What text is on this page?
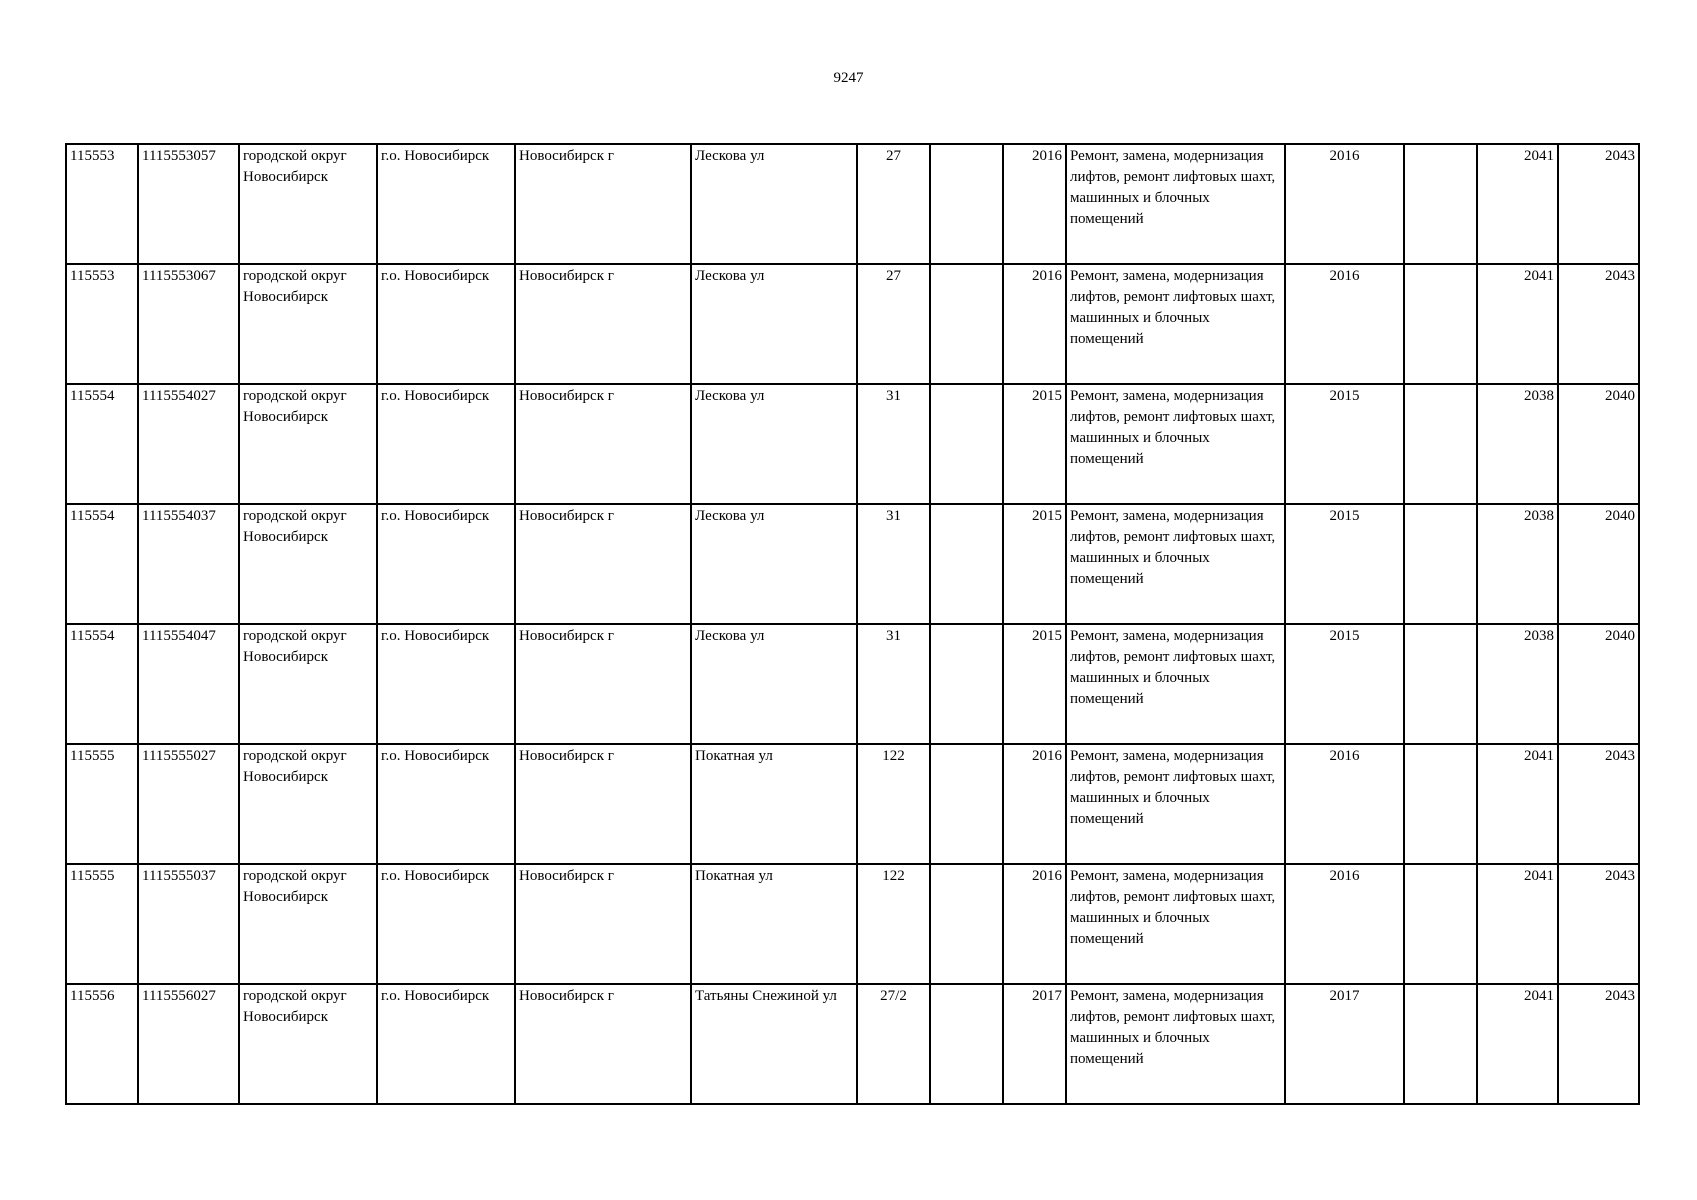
9247
115553	1115553057	городской округ Новосибирск	г.о. Новосибирск	Новосибирск г	Лескова ул	27		2016	Ремонт, замена, модернизация лифтов, ремонт лифтовых шахт, машинных и блочных помещений	2016		2041	2043
115553	1115553067	городской округ Новосибирск	г.о. Новосибирск	Новосибирск г	Лескова ул	27		2016	Ремонт, замена, модернизация лифтов, ремонт лифтовых шахт, машинных и блочных помещений	2016		2041	2043
115554	1115554027	городской округ Новосибирск	г.о. Новосибирск	Новосибирск г	Лескова ул	31		2015	Ремонт, замена, модернизация лифтов, ремонт лифтовых шахт, машинных и блочных помещений	2015		2038	2040
115554	1115554037	городской округ Новосибирск	г.о. Новосибирск	Новосибирск г	Лескова ул	31		2015	Ремонт, замена, модернизация лифтов, ремонт лифтовых шахт, машинных и блочных помещений	2015		2038	2040
115554	1115554047	городской округ Новосибирск	г.о. Новосибирск	Новосибирск г	Лескова ул	31		2015	Ремонт, замена, модернизация лифтов, ремонт лифтовых шахт, машинных и блочных помещений	2015		2038	2040
115555	1115555027	городской округ Новосибирск	г.о. Новосибирск	Новосибирск г	Покатная ул	122		2016	Ремонт, замена, модернизация лифтов, ремонт лифтовых шахт, машинных и блочных помещений	2016		2041	2043
115555	1115555037	городской округ Новосибирск	г.о. Новосибирск	Новосибирск г	Покатная ул	122		2016	Ремонт, замена, модернизация лифтов, ремонт лифтовых шахт, машинных и блочных помещений	2016		2041	2043
115556	1115556027	городской округ Новосибирск	г.о. Новосибирск	Новосибирск г	Татьяны Снежиной ул	27/2		2017	Ремонт, замена, модернизация лифтов, ремонт лифтовых шахт, машинных и блочных помещений	2017		2041	2043
